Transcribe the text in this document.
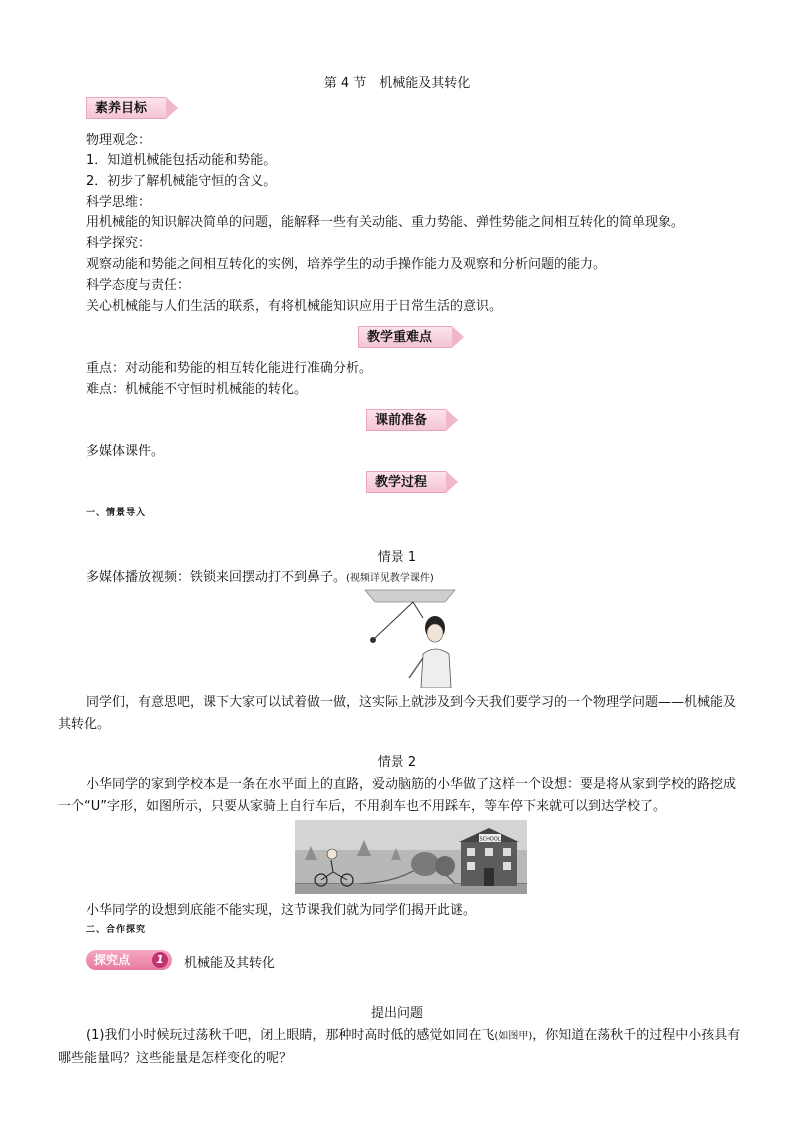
第 4 节　机械能及其转化
素养目标
物理观念：
1．知道机械能包括动能和势能。
2．初步了解机械能守恒的含义。
科学思维：
用机械能的知识解决简单的问题，能解释一些有关动能、重力势能、弹性势能之间相互转化的简单现象。
科学探究：
观察动能和势能之间相互转化的实例，培养学生的动手操作能力及观察和分析问题的能力。
科学态度与责任：
关心机械能与人们生活的联系，有将机械能知识应用于日常生活的意识。
教学重难点
重点：对动能和势能的相互转化能进行准确分析。
难点：机械能不守恒时机械能的转化。
课前准备
多媒体课件。
教学过程
一、情景导入
情景 1
多媒体播放视频：铁锁来回摆动打不到鼻子。(视频详见教学课件)
同学们，有意思吧，课下大家可以试着做一做，这实际上就涉及到今天我们要学习的一个物理学问题——机械能及其转化。
情景 2
小华同学的家到学校本是一条在水平面上的直路，爱动脑筋的小华做了这样一个设想：要是将从家到学校的路挖成一个“U”字形，如图所示，只要从家骑上自行车后，不用刹车也不用踩车，等车停下来就可以到达学校了。
SCHOOL
小华同学的设想到底能不能实现，这节课我们就为同学们揭开此谜。
二、合作探究
探究点	1	机械能及其转化
提出问题
(1)我们小时候玩过荡秋千吧，闭上眼睛，那种时高时低的感觉如同在飞(如图甲)，你知道在荡秋千的过程中小孩具有哪些能量吗？这些能量是怎样变化的呢？
